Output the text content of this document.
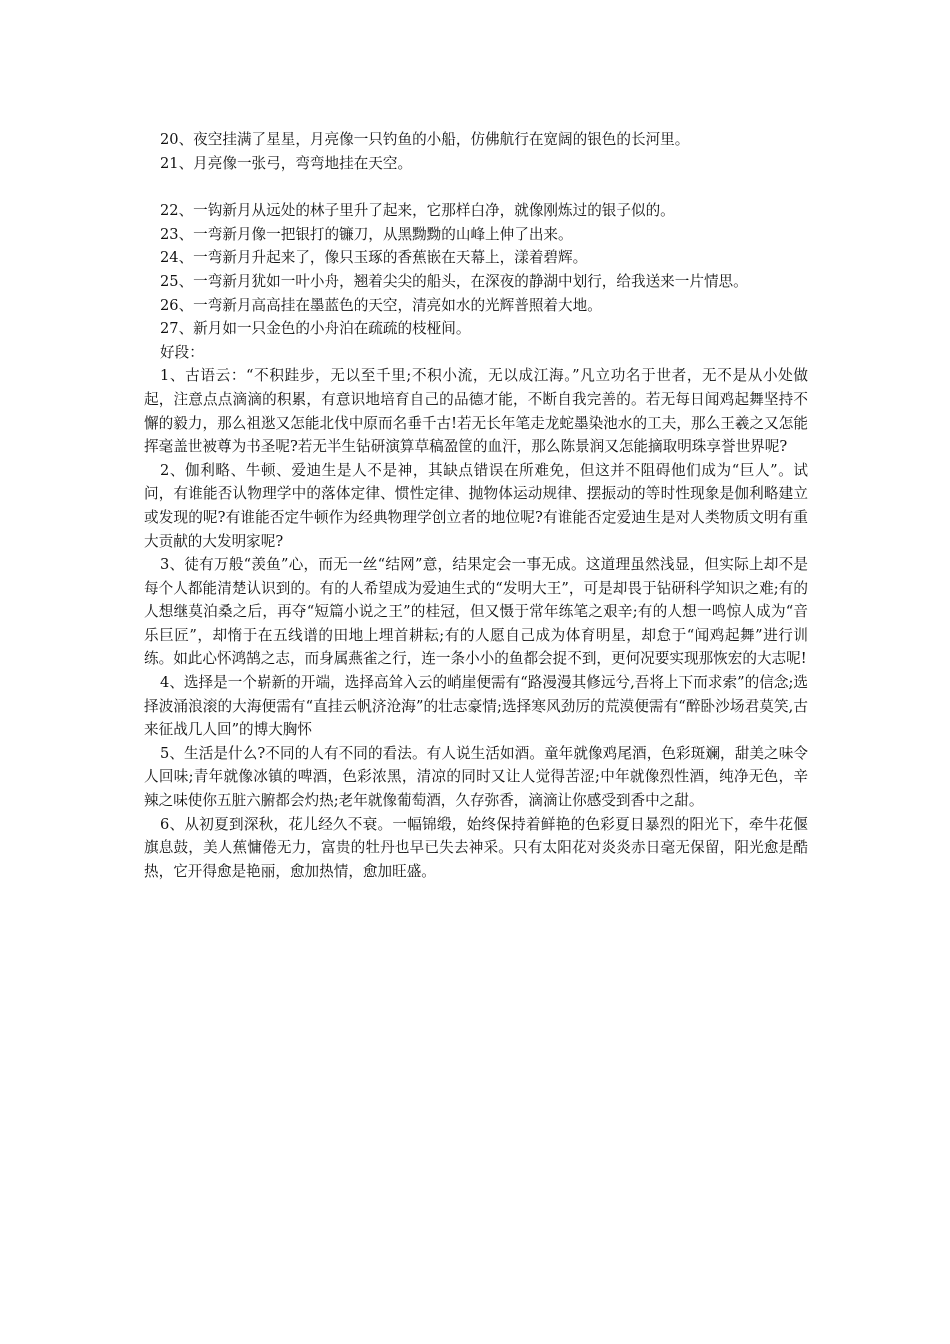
20、夜空挂满了星星，月亮像一只钓鱼的小船，仿佛航行在宽阔的银色的长河里。

21、月亮像一张弓，弯弯地挂在天空。

22、一钩新月从远处的林子里升了起来，它那样白净，就像刚炼过的银子似的。

23、一弯新月像一把银打的镰刀，从黑黝黝的山峰上伸了出来。

24、一弯新月升起来了，像只玉琢的香蕉嵌在天幕上，漾着碧辉。

25、一弯新月犹如一叶小舟，翘着尖尖的船头，在深夜的静湖中划行，给我送来一片情思。

26、一弯新月高高挂在墨蓝色的天空，清亮如水的光辉普照着大地。

27、新月如一只金色的小舟泊在疏疏的枝桠间。

好段：

1、古语云：“不积跬步，无以至千里;不积小流，无以成江海。”凡立功名于世者，无不是从小处做起，注意点点滴滴的积累，有意识地培育自己的品德才能，不断自我完善的。若无每日闻鸡起舞坚持不懈的毅力，那么祖逖又怎能北伐中原而名垂千古!若无长年笔走龙蛇墨染池水的工夫，那么王羲之又怎能挥毫盖世被尊为书圣呢?若无半生钻研演算草稿盈筐的血汗，那么陈景润又怎能摘取明珠享誉世界呢?

2、伽利略、牛顿、爱迪生是人不是神，其缺点错误在所难免，但这并不阻碍他们成为“巨人”。试问，有谁能否认物理学中的落体定律、惯性定律、抛物体运动规律、摆振动的等时性现象是伽利略建立或发现的呢?有谁能否定牛顿作为经典物理学创立者的地位呢?有谁能否定爱迪生是对人类物质文明有重大贡献的大发明家呢?

3、徒有万般“羡鱼”心，而无一丝“结网”意，结果定会一事无成。这道理虽然浅显，但实际上却不是每个人都能清楚认识到的。有的人希望成为爱迪生式的“发明大王”，可是却畏于钻研科学知识之难;有的人想继莫泊桑之后，再夺“短篇小说之王”的桂冠，但又慑于常年练笔之艰辛;有的人想一鸣惊人成为“音乐巨匠”，却惰于在五线谱的田地上埋首耕耘;有的人愿自己成为体育明星，却怠于“闻鸡起舞”进行训练。如此心怀鸿鹄之志，而身属燕雀之行，连一条小小的鱼都会捉不到，更何况要实现那恢宏的大志呢!

4、选择是一个崭新的开端，选择高耸入云的峭崖便需有“路漫漫其修远兮,吾将上下而求索”的信念;选择波涌浪滚的大海便需有“直挂云帆济沧海”的壮志豪情;选择寒风劲厉的荒漠便需有“醉卧沙场君莫笑,古来征战几人回”的博大胸怀

5、生活是什么?不同的人有不同的看法。有人说生活如酒。童年就像鸡尾酒，色彩斑斓，甜美之味令人回味;青年就像冰镇的啤酒，色彩浓黑，清凉的同时又让人觉得苦涩;中年就像烈性酒，纯净无色，辛辣之味使你五脏六腑都会灼热;老年就像葡萄酒，久存弥香，滴滴让你感受到香中之甜。

6、从初夏到深秋，花儿经久不衰。一幅锦缎，始终保持着鲜艳的色彩夏日暴烈的阳光下，牵牛花偃旗息鼓，美人蕉慵倦无力，富贵的牡丹也早已失去神采。只有太阳花对炎炎赤日毫无保留，阳光愈是酷热，它开得愈是艳丽，愈加热情，愈加旺盛。
